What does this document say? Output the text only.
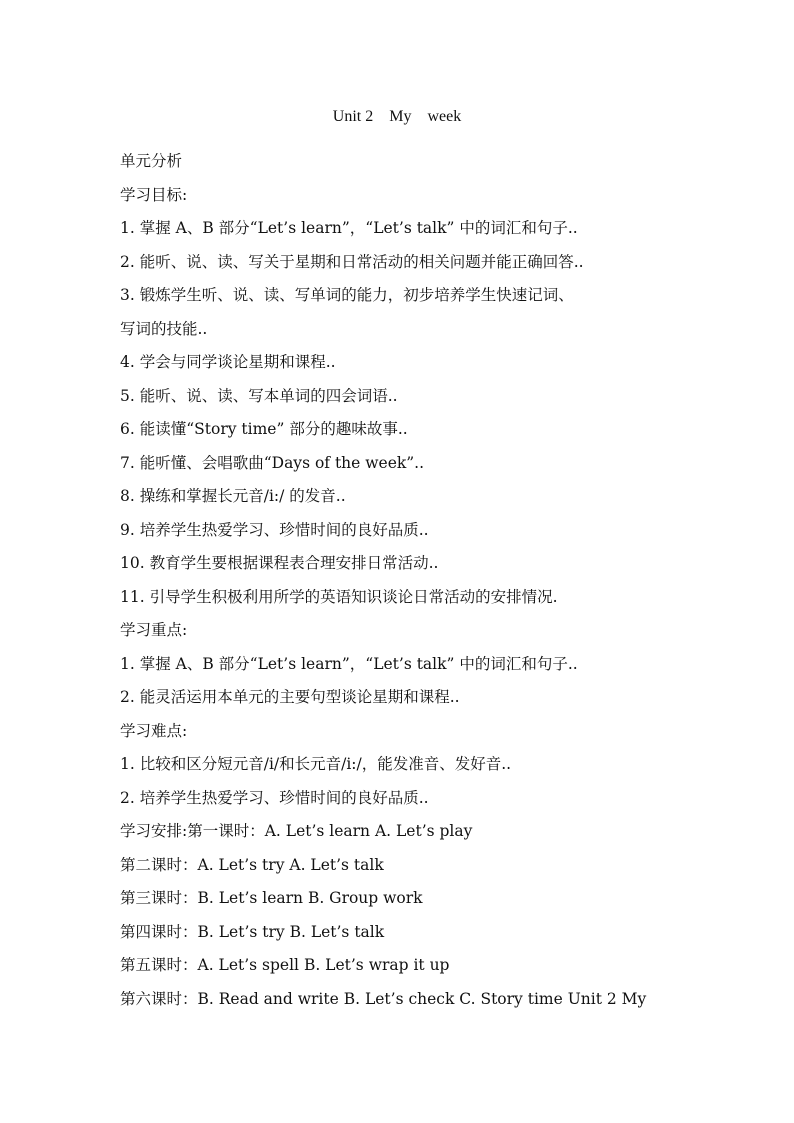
Unit 2    My    week
单元分析
学习目标:
1. 掌握 A、B 部分“Let’s learn”，“Let’s talk” 中的词汇和句子..
2. 能听、说、读、写关于星期和日常活动的相关问题并能正确回答..
3. 锻炼学生听、说、读、写单词的能力，初步培养学生快速记词、
写词的技能..
4. 学会与同学谈论星期和课程..
5. 能听、说、读、写本单词的四会词语..
6. 能读懂“Story time” 部分的趣味故事..
7. 能听懂、会唱歌曲“Days of the week”..
8. 操练和掌握长元音/i:/ 的发音..
9. 培养学生热爱学习、珍惜时间的良好品质..
10. 教育学生要根据课程表合理安排日常活动..
11. 引导学生积极利用所学的英语知识谈论日常活动的安排情况.
学习重点:
1. 掌握 A、B 部分“Let’s learn”，“Let’s talk” 中的词汇和句子..
2. 能灵活运用本单元的主要句型谈论星期和课程..
学习难点:
1. 比较和区分短元音/i/和长元音/i:/，能发准音、发好音..
2. 培养学生热爱学习、珍惜时间的良好品质..
学习安排:第一课时：A. Let’s learn A. Let’s play
第二课时：A. Let’s try A. Let’s talk
第三课时：B. Let’s learn B. Group work
第四课时：B. Let’s try B. Let’s talk
第五课时：A. Let’s spell B. Let’s wrap it up
第六课时：B. Read and write B. Let’s check C. Story time Unit 2 My
